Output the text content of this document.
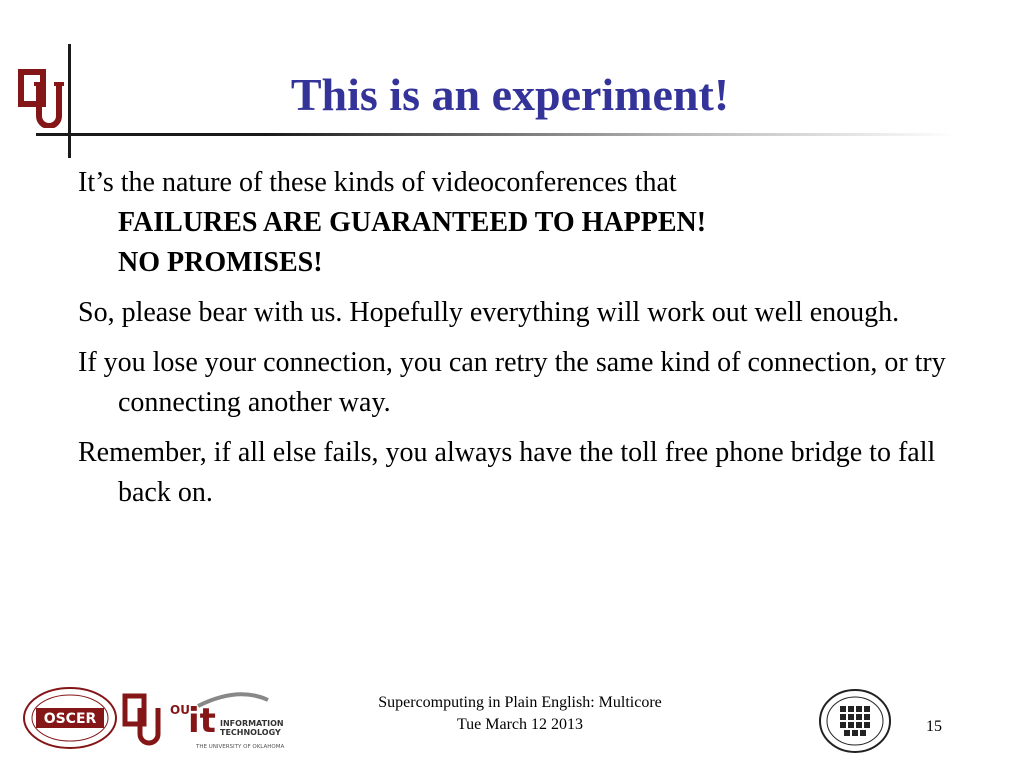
This is an experiment!
It’s the nature of these kinds of videoconferences that
FAILURES ARE GUARANTEED TO HAPPEN!
NO PROMISES!
So, please bear with us. Hopefully everything will work out well enough.
If you lose your connection, you can retry the same kind of connection, or try connecting another way.
Remember, if all else fails, you always have the toll free phone bridge to fall back on.
OSCER
OU
it INFORMATION
TECHNOLOGY
THE UNIVERSITY OF OKLAHOMA
Supercomputing in Plain English: Multicore
Tue March 12 2013	15
